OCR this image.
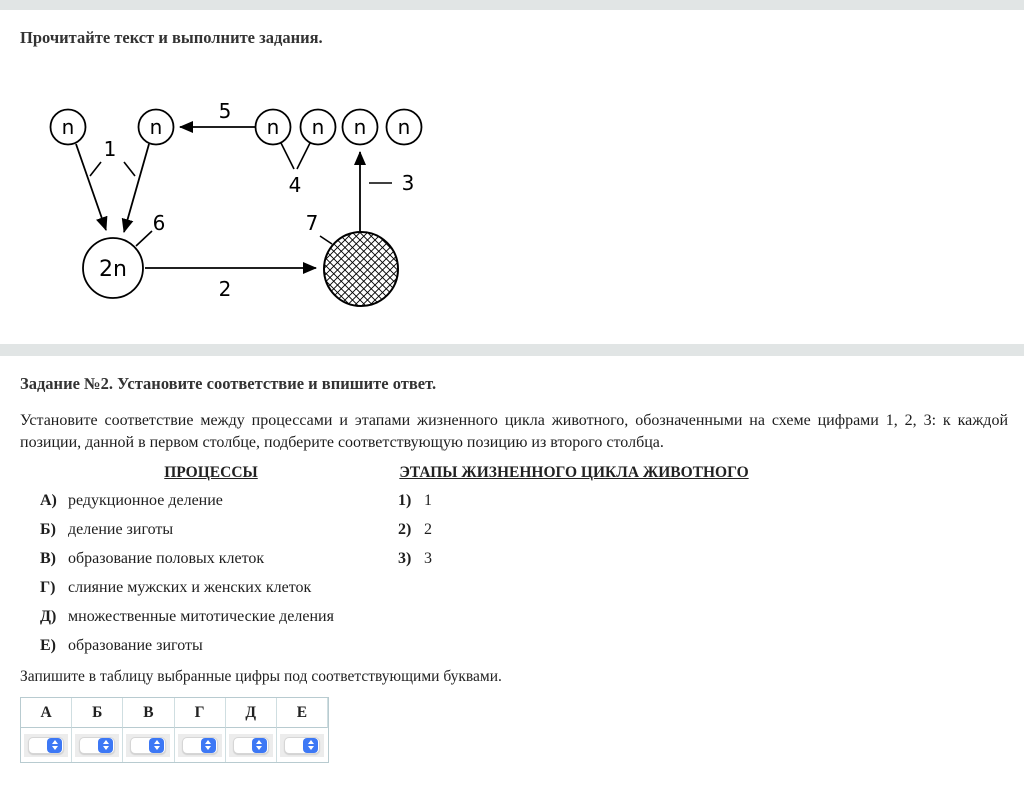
Прочитайте текст и выполните задания.
n	n	n n n n
2n
1
5
4	3
6
2
7
Задание №2. Установите соответствие и впишите ответ.
Установите соответствие между процессами и этапами жизненного цикла животного, обозначенными на схеме цифрами 1, 2, 3: к каждой позиции, данной в первом столбце, подберите соответствующую позицию из второго столбца.
ПРОЦЕССЫ	ЭТАПЫ ЖИЗНЕННОГО ЦИКЛА ЖИВОТНОГО
А) редукционное деление
Б) деление зиготы
В) образование половых клеток
Г) слияние мужских и женских клеток
Д) множественные митотические деления
Е) образование зиготы
1) 1
2) 2
3) 3
Запишите в таблицу выбранные цифры под соответствующими буквами.
А	Б	В	Г	Д	Е
